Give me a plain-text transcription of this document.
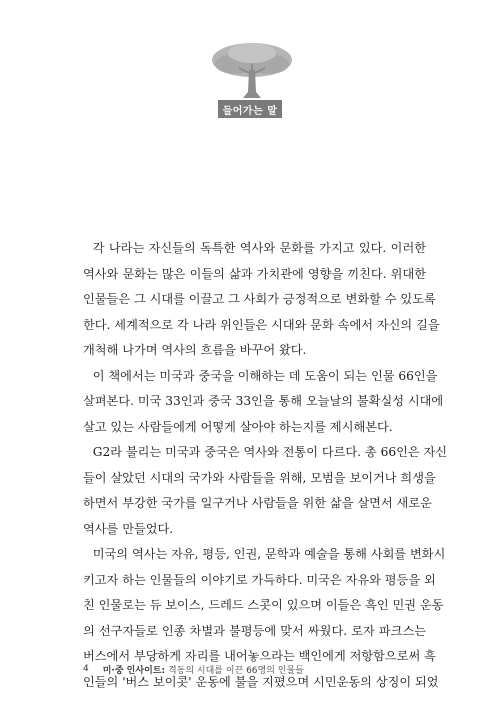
들어가는 말
각 나라는 자신들의 독특한 역사와 문화를 가지고 있다. 이러한
역사와 문화는 많은 이들의 삶과 가치관에 영향을 끼친다. 위대한
인물들은 그 시대를 이끌고 그 사회가 긍정적으로 변화할 수 있도록
한다. 세계적으로 각 나라 위인들은 시대와 문화 속에서 자신의 길을
개척해 나가며 역사의 흐름을 바꾸어 왔다.
이 책에서는 미국과 중국을 이해하는 데 도움이 되는 인물 66인을
살펴본다. 미국 33인과 중국 33인을 통해 오늘날의 불확실성 시대에
살고 있는 사람들에게 어떻게 살아야 하는지를 제시해본다.
G2라 불리는 미국과 중국은 역사와 전통이 다르다. 총 66인은 자신
들이 살았던 시대의 국가와 사람들을 위해, 모범을 보이거나 희생을
하면서 부강한 국가를 일구거나 사람들을 위한 삶을 살면서 새로운
역사를 만들었다.
미국의 역사는 자유, 평등, 인권, 문학과 예술을 통해 사회를 변화시
키고자 하는 인물들의 이야기로 가득하다. 미국은 자유와 평등을 외
친 인물로는 듀 보이스, 드레드 스콧이 있으며 이들은 흑인 민권 운동
의 선구자들로 인종 차별과 불평등에 맞서 싸웠다. 로자 파크스는
버스에서 부당하게 자리를 내어놓으라는 백인에게 저항함으로써 흑
인들의 '버스 보이콧' 운동에 불을 지폈으며 시민운동의 상징이 되었
4 미·중 인사이트: 격동의 시대를 이끈 66명의 인물들
